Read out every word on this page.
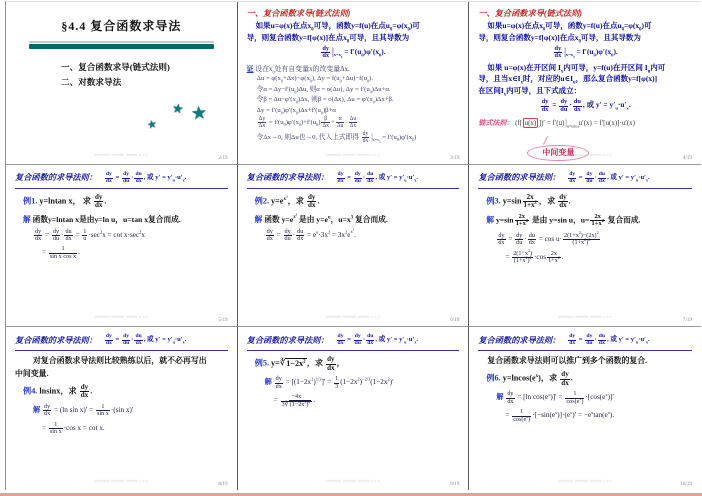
§4.4 复合函数求导法
一、复合函数求导(链式法则)
二、对数求导法
★
★ ★
▪▪▪▪▪▪▪▪ ▪▪▪▪▪▪▪ ▪▪▪▪▪▪ ▪ ▪ ▪
2/19
一、复合函数求导(链式法则)
如果u=φ(x)在点$x_0$可导，函数y=f(u)在点$u_0=\varphi(x_0)$可
导，则复合函数y=f[φ(x)]在点$x_0$可导，且其导数为
$\frac{dy}{dx} |_{x=x_0} = f'(u_0)\varphi'(x_0)$.
证 设在$x_0$处有自变量x的改变量Δx.
$\Delta u = \varphi(x_0+\Delta x)-\varphi(x_0)$, $\Delta y = f(u_0+\Delta u)-f(u_0)$.
令$\alpha = \Delta y-f'(u_0)\Delta u$, 则α = o(Δu), $\Delta y = f'(u_0)\Delta u+\alpha$.
令$\beta = \Delta u-\varphi'(x_0)\Delta x$, 则β = o(Δx), $\Delta u = \varphi'(x_0)\Delta x+\beta$.
$\Delta y = f'(u_0)\varphi'(x_0)\Delta x+f'(u_0)\beta+\alpha$
$\frac{\Delta y}{\Delta x} = f'(u_0)\varphi'(x_0)+f'(u_0) \frac{\beta}{\Delta x} + \frac{\alpha}{\Delta u} \cdot \frac{\Delta u}{\Delta x}$
令Δx→0, 则Δu也→0, 代入上式即得 $\frac{dy}{dx} |_{x=x_0} = f'(u_0)\varphi'(x_0)$
▪▪▪▪▪▪▪▪ ▪▪▪▪▪▪▪ ▪▪▪▪▪▪ ▪ ▪ ▪
3/19
一、复合函数求导(链式法则)
如果u=φ(x)在点$x_0$可导，函数y=f(u)在点$u_0=\varphi(x_0)$可
导，则复合函数y=f[φ(x)]在点$x_0$可导，且其导数为
$\frac{dy}{dx} |_{x=x_0} = f'(u_0)\varphi'(x_0)$.
如果 u=φ(x)在开区间 $I_x$内可导，y=f(u)在开区间 $I_u$内可
导，且当$x\in I_x$时，对应的$u\in I_u$，那么复合函数y=f[φ(x)]
在区间$I_x$内可导，且下式成立：
$\frac{dy}{dx} = \frac{dy}{du} \cdot \frac{du}{dx}$ , 或 $y' = y'_u\cdot u'_x$.
链式法则： (f[ u(x) ])′ = $f'(u)|_{u=u(x)}u'(x) = f'[u(x)]\cdot u'(x)$
中间变量
▪▪▪▪▪▪▪▪ ▪▪▪▪▪▪▪ ▪▪▪▪▪▪ ▪ ▪ ▪
4/19
复合函数的求导法则： $\frac{dy}{dx} = \frac{dy}{du} \cdot \frac{du}{dx}$ , 或 $y' = y'_u\cdot u'_x$.
例1. y=lntan x， 求 $\frac{dy}{dx}$ .
解 函数y=lntan x是由y=ln u，u=tan x复合而成.
$\frac{dy}{dx} = \frac{dy}{du} \cdot \frac{du}{dx} = \frac{1}{u} \cdot\sec^2x = \cot x\cdot\sec^2x$
= $\frac{1}{\text{sin x cos x}}$ .
▪▪▪▪▪▪▪▪ ▪▪▪▪▪▪▪ ▪▪▪▪▪▪ ▪ ▪ ▪
5/19
复合函数的求导法则： $\frac{dy}{dx} = \frac{dy}{du} \cdot \frac{du}{dx}$ , 或 $y' = y'_u\cdot u'_x$.
例2. $y=e^{x^3}$，求 $\frac{dy}{dx}$ .
解 函数 $y=e^{x^3}$ 是由 $y=e^u$，$u=x^3$ 复合而成.
$\frac{dy}{dx} = \frac{dy}{du} \cdot \frac{du}{dx} = e^u\cdot 3x^2 = 3x^2e^{x^3}$.
▪▪▪▪▪▪▪▪ ▪▪▪▪▪▪▪ ▪▪▪▪▪▪ ▪ ▪ ▪
6/19
复合函数的求导法则： $\frac{dy}{dx} = \frac{dy}{du} \cdot \frac{du}{dx}$ , 或 $y' = y'_u\cdot u'_x$.
例3. $y=\sin \frac{2x}{1+x^2}$ ，求 $\frac{dy}{dx}$ .
解 $y=\sin \frac{2x}{1+x^2}$ 是由 y=sin u，$u= \frac{2x}{1+x^2}$ 复合而成.
$\frac{dy}{dx} = \frac{dy}{du} \cdot \frac{du}{dx} = \cos u\cdot \frac{2(1+x^2)-(2x)^2}{(1+x^2)^2}$
= $\frac{2(1-x^2)}{(1+x^2)^2} \cdot\cos \frac{2x}{1+x^2}$ .
▪▪▪▪▪▪▪▪ ▪▪▪▪▪▪▪ ▪▪▪▪▪▪ ▪ ▪ ▪
7/19
复合函数的求导法则： $\frac{dy}{dx} = \frac{dy}{du} \cdot \frac{du}{dx}$ , 或 $y' = y'_u\cdot u'_x$.
对复合函数求导法则比较熟练以后，就不必再写出
中间变量.
例4. lnsinx，求 $\frac{dy}{dx}$ .
解 $\frac{dy}{dx} = (\ln$ $\sin x)' = \frac{1}{\text{sin x}} \cdot(\sin$ x)′
= $\frac{1}{\text{sin x}} \cdot\cos$ x = cot x.
▪▪▪▪▪▪▪▪ ▪▪▪▪▪▪▪ ▪▪▪▪▪▪ ▪ ▪ ▪
8/19
复合函数的求导法则： $\frac{dy}{dx} = \frac{dy}{du} \cdot \frac{du}{dx}$ , 或 $y' = y'_u\cdot u'_x$.
例5. $y=∛1-2x^2$，求 $\frac{dy}{dx}$ ，
解 $\frac{dy}{dx} = [(1-2x^2)^{1/3}]' = \frac{1}{3} (1-2x^2)^{-2/3}(1-2x^2)'$
= $\frac{-4x}{3∛(1-2x^2)^2}$ .
▪▪▪▪▪▪▪▪ ▪▪▪▪▪▪▪ ▪▪▪▪▪▪ ▪ ▪ ▪
9/19
复合函数的求导法则： $\frac{dy}{dx} = \frac{dy}{du} \cdot \frac{du}{dx}$ , 或 $y' = y'_u\cdot u'_x$.
复合函数求导法则可以推广到多个函数的复合.
例6. $y=lncos(e^x)$，求 $\frac{dy}{dx}$ .
解 $\frac{dy}{dx} = [\ln$ $\cos(e^x)]' = \frac{1}{\cos(e^x)} \cdot[\cos(e^x)]'$
= $\frac{1}{\cos(e^x)} \cdot[-\sin(e^x)]\cdot(e^x)' = -e^x\tan(e^x)$.
▪▪▪▪▪▪▪▪ ▪▪▪▪▪▪▪ ▪▪▪▪▪▪ ▪ ▪ ▪
10/19
